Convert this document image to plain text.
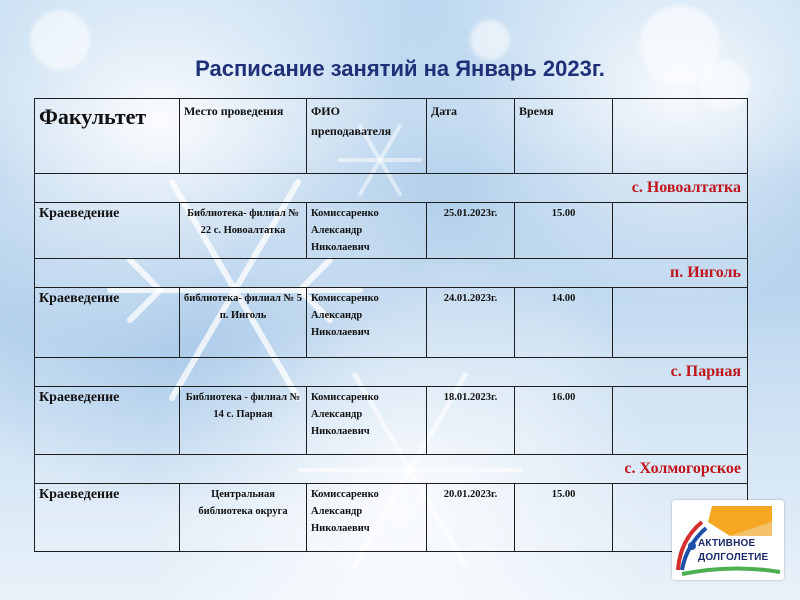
Расписание занятий на Январь 2023г.
Факультет	Место проведения	ФИО преподавателя	Дата	Время	
с. Новоалтатка					
Краеведение	Библиотека- филиал № 22 с. Новоалтатка	Комиссаренко Александр Николаевич	25.01.2023г.	15.00	
п. Инголь					
Краеведение	библиотека- филиал № 5 п. Инголь	Комиссаренко Александр Николаевич	24.01.2023г.	14.00	
с. Парная					
Краеведение	Библиотека - филиал № 14 с. Парная	Комиссаренко Александр Николаевич	18.01.2023г.	16.00	
с. Холмогорское					
Краеведение	Центральная библиотека округа	Комиссаренко Александр Николаевич	20.01.2023г.	15.00	
АКТИВНОЕ
ДОЛГОЛЕТИЕ
